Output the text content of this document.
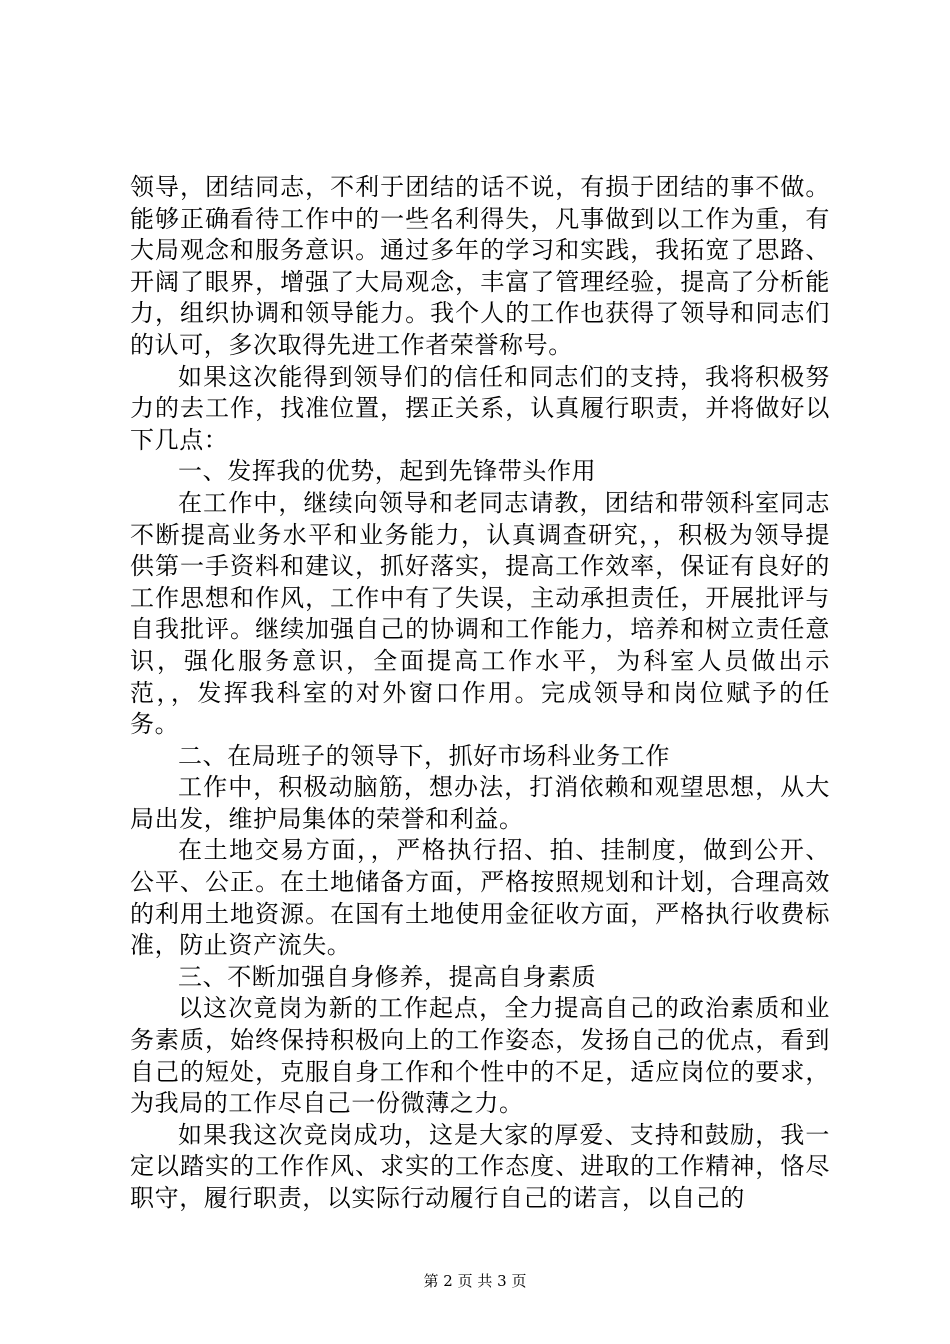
领导，团结同志，不利于团结的话不说，有损于团结的事不做。能够正确看待工作中的一些名利得失，凡事做到以工作为重，有大局观念和服务意识。通过多年的学习和实践，我拓宽了思路、开阔了眼界，增强了大局观念，丰富了管理经验，提高了分析能力，组织协调和领导能力。我个人的工作也获得了领导和同志们的认可，多次取得先进工作者荣誉称号。

如果这次能得到领导们的信任和同志们的支持，我将积极努力的去工作，找准位置，摆正关系，认真履行职责，并将做好以下几点：

一、发挥我的优势，起到先锋带头作用

在工作中，继续向领导和老同志请教，团结和带领科室同志不断提高业务水平和业务能力，认真调查研究，，积极为领导提供第一手资料和建议，抓好落实，提高工作效率，保证有良好的工作思想和作风，工作中有了失误，主动承担责任，开展批评与自我批评。继续加强自己的协调和工作能力，培养和树立责任意识，强化服务意识，全面提高工作水平，为科室人员做出示范，，发挥我科室的对外窗口作用。完成领导和岗位赋予的任务。

二、在局班子的领导下，抓好市场科业务工作

工作中，积极动脑筋，想办法，打消依赖和观望思想，从大局出发，维护局集体的荣誉和利益。

在土地交易方面，，严格执行招、拍、挂制度，做到公开、公平、公正。在土地储备方面，严格按照规划和计划，合理高效的利用土地资源。在国有土地使用金征收方面，严格执行收费标准，防止资产流失。

三、不断加强自身修养，提高自身素质

以这次竟岗为新的工作起点，全力提高自己的政治素质和业务素质，始终保持积极向上的工作姿态，发扬自己的优点，看到自己的短处，克服自身工作和个性中的不足，适应岗位的要求，为我局的工作尽自己一份微薄之力。

如果我这次竞岗成功，这是大家的厚爱、支持和鼓励，我一定以踏实的工作作风、求实的工作态度、进取的工作精神，恪尽职守，履行职责，以实际行动履行自己的诺言，以自己的

第 2 页 共 3 页
